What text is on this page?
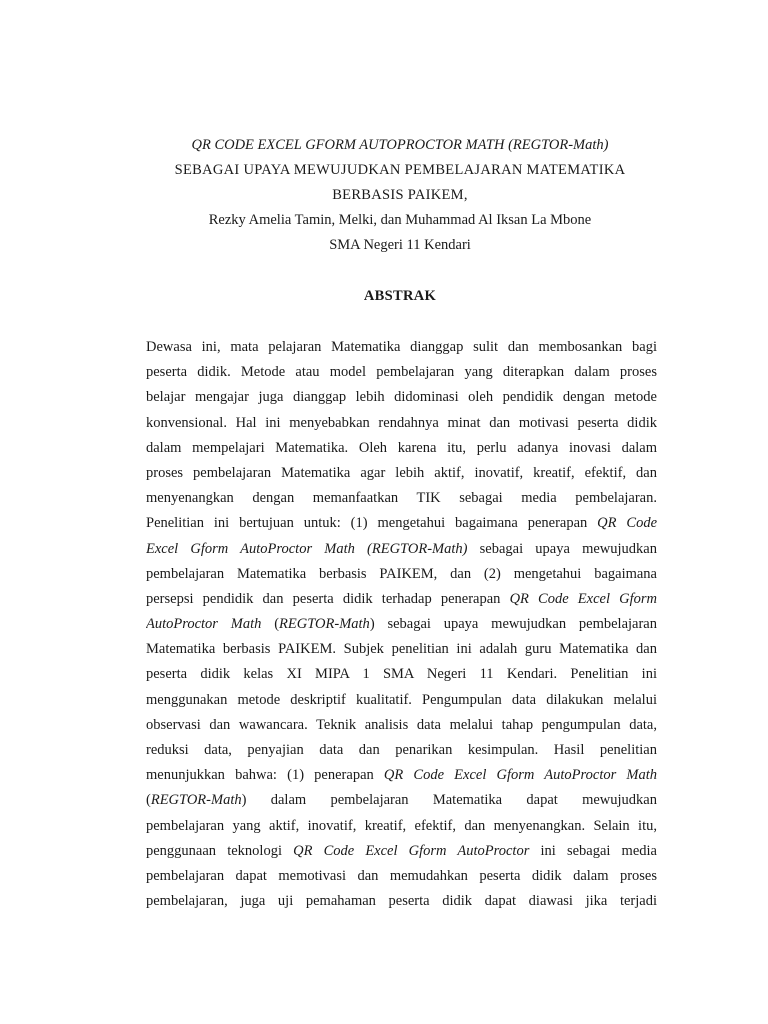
QR CODE EXCEL GFORM AUTOPROCTOR MATH (REGTOR-Math)
SEBAGAI UPAYA MEWUJUDKAN PEMBELAJARAN MATEMATIKA
BERBASIS PAIKEM,
Rezky Amelia Tamin, Melki, dan Muhammad Al Iksan La Mbone
SMA Negeri 11 Kendari
ABSTRAK
Dewasa ini, mata pelajaran Matematika dianggap sulit dan membosankan bagi
peserta didik. Metode atau model pembelajaran yang diterapkan dalam proses
belajar mengajar juga dianggap lebih didominasi oleh pendidik dengan metode
konvensional. Hal ini menyebabkan rendahnya minat dan motivasi peserta didik
dalam mempelajari Matematika. Oleh karena itu, perlu adanya inovasi dalam
proses pembelajaran Matematika agar lebih aktif, inovatif, kreatif, efektif, dan
menyenangkan dengan memanfaatkan TIK sebagai media pembelajaran.
Penelitian ini bertujuan untuk: (1) mengetahui bagaimana penerapan QR Code
Excel Gform AutoProctor Math (REGTOR-Math) sebagai upaya mewujudkan
pembelajaran Matematika berbasis PAIKEM, dan (2) mengetahui bagaimana
persepsi pendidik dan peserta didik terhadap penerapan QR Code Excel Gform
AutoProctor Math (REGTOR-Math) sebagai upaya mewujudkan pembelajaran
Matematika berbasis PAIKEM. Subjek penelitian ini adalah guru Matematika dan
peserta didik kelas XI MIPA 1 SMA Negeri 11 Kendari. Penelitian ini
menggunakan metode deskriptif kualitatif. Pengumpulan data dilakukan melalui
observasi dan wawancara. Teknik analisis data melalui tahap pengumpulan data,
reduksi data, penyajian data dan penarikan kesimpulan. Hasil penelitian
menunjukkan bahwa: (1) penerapan QR Code Excel Gform AutoProctor Math
(REGTOR-Math) dalam pembelajaran Matematika dapat mewujudkan
pembelajaran yang aktif, inovatif, kreatif, efektif, dan menyenangkan. Selain itu,
penggunaan teknologi QR Code Excel Gform AutoProctor ini sebagai media
pembelajaran dapat memotivasi dan memudahkan peserta didik dalam proses
pembelajaran, juga uji pemahaman peserta didik dapat diawasi jika terjadi
